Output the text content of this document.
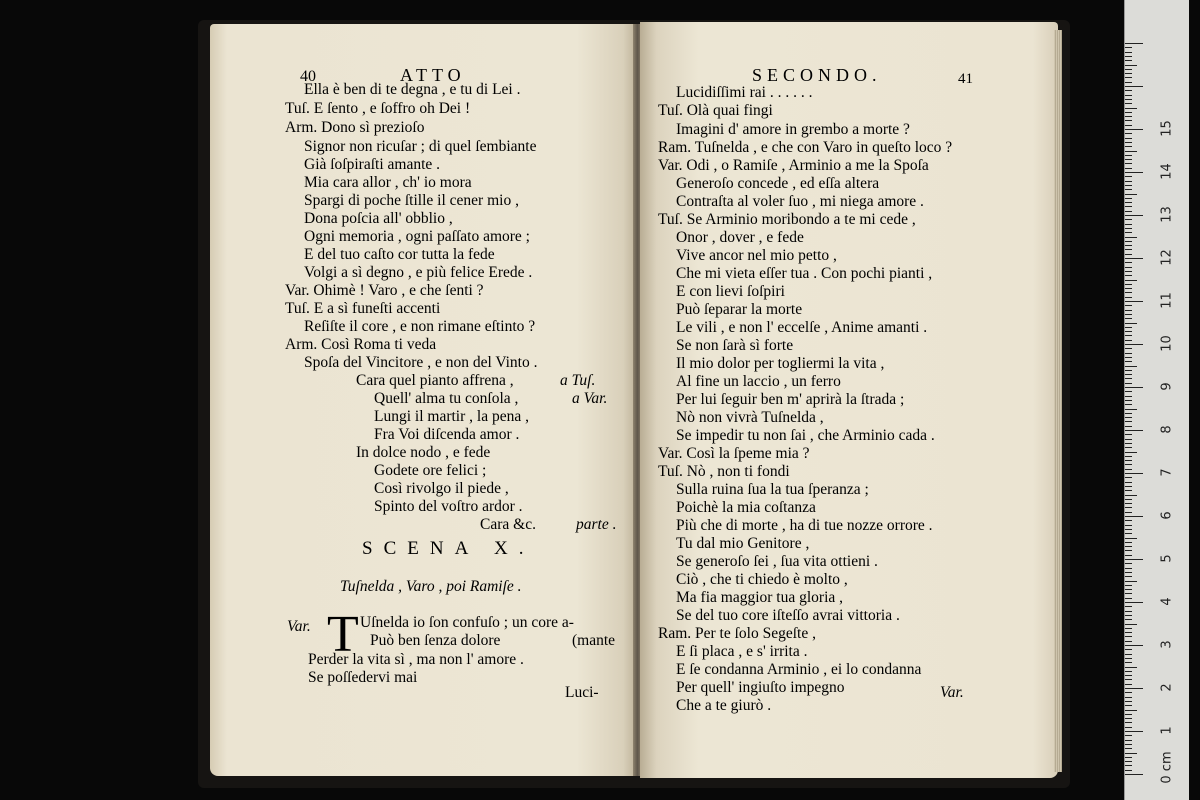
40	ATTO
Ella è ben di te degna , e tu di Lei .
Tuſ. E ſento , e ſoffro oh Dei !
Arm. Dono sì prezioſo
Signor non ricuſar ; di quel ſembiante
Già ſoſpiraſti amante .
Mia cara allor , ch' io mora
Spargi di poche ſtille il cener mio ,
Dona poſcia all' obblio ,
Ogni memoria , ogni paſſato amore ;
E del tuo caſto cor tutta la fede
Volgi a sì degno , e più felice Erede .
Var. Ohimè ! Varo , e che ſenti ?
Tuſ. E a sì funeſti accenti
Reſiſte il core , e non rimane eſtinto ?
Arm. Così Roma ti veda
Spoſa del Vincitore , e non del Vinto .
Cara quel pianto affrena ,
Quell' alma tu conſola ,
Lungi il martir , la pena ,
Fra Voi diſcenda amor .
In dolce nodo , e fede
Godete ore felici ;
Così rivolgo il piede ,
Spinto del voſtro ardor .
Cara &c.
a Tuſ.
a Var.
parte .
SCENA X.
Tuſnelda , Varo , poi Ramiſe .
Var. T Uſnelda io ſon confuſo ; un core a-
Può ben ſenza dolore	(mante
Perder la vita sì , ma non l' amore .
Se poſſedervi mai
Luci-
SECONDO.	41
Lucidiſſimi rai . . . . . .
Tuſ. Olà quai fingi
Imagini d' amore in grembo a morte ?
Ram. Tuſnelda , e che con Varo in queſto loco ?
Var. Odi , o Ramiſe , Arminio a me la Spoſa
Generoſo concede , ed eſſa altera
Contraſta al voler ſuo , mi niega amore .
Tuſ. Se Arminio moribondo a te mi cede ,
Onor , dover , e fede
Vive ancor nel mio petto ,
Che mi vieta eſſer tua . Con pochi pianti ,
E con lievi ſoſpiri
Può ſeparar la morte
Le vili , e non l' eccelſe , Anime amanti .
Se non ſarà sì forte
Il mio dolor per togliermi la vita ,
Al fine un laccio , un ferro
Per lui ſeguir ben m' aprirà la ſtrada ;
Nò non vivrà Tuſnelda ,
Se impedir tu non ſai , che Arminio cada .
Var. Così la ſpeme mia ?
Tuſ. Nò , non ti fondi
Sulla ruina ſua la tua ſperanza ;
Poichè la mia coſtanza
Più che di morte , ha di tue nozze orrore .
Tu dal mio Genitore ,
Se generoſo ſei , ſua vita ottieni .
Ciò , che ti chiedo è molto ,
Ma fia maggior tua gloria ,
Se del tuo core iſteſſo avrai vittoria .
Ram. Per te ſolo Segeſte ,
E ſi placa , e s' irrita .
E ſe condanna Arminio , ei lo condanna
Per quell' ingiuſto impegno
Che a te giurò .
Var.
0 cm
1
2
3
4
5
6
7
8
9
10
11
12
13
14
15
